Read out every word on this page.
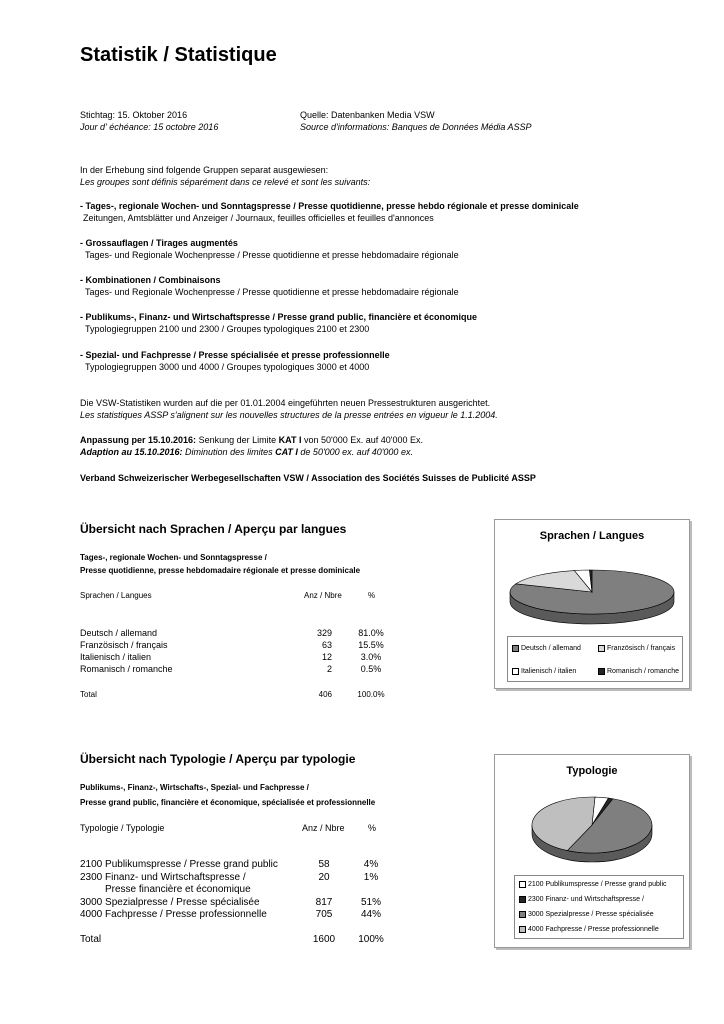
Statistik / Statistique
Stichtag: 15. Oktober 2016
Jour d' échéance: 15 octobre 2016
Quelle: Datenbanken Media VSW
Source d'informations: Banques de Données Média ASSP
In der Erhebung sind folgende Gruppen separat ausgewiesen:
Les groupes sont définis séparément dans ce relevé et sont les suivants:
- Tages-, regionale Wochen- und Sonntagspresse / Presse quotidienne, presse hebdo régionale et presse dominicale
Zeitungen, Amtsblätter und Anzeiger / Journaux, feuilles officielles et feuilles d'annonces
- Grossauflagen / Tirages augmentés
Tages- und Regionale Wochenpresse / Presse quotidienne et presse hebdomadaire régionale
- Kombinationen / Combinaisons
Tages- und Regionale Wochenpresse / Presse quotidienne et presse hebdomadaire régionale
- Publikums-, Finanz- und Wirtschaftspresse / Presse grand public, financière et économique
Typologiegruppen 2100 und 2300 / Groupes typologiques 2100 et 2300
- Spezial- und Fachpresse / Presse spécialisée et presse professionnelle
Typologiegruppen 3000 und 4000 / Groupes typologiques 3000 et 4000
Die VSW-Statistiken wurden auf die per 01.01.2004 eingeführten neuen Pressestrukturen ausgerichtet.
Les statistiques ASSP s'alignent sur les nouvelles structures de la presse entrées en vigueur le 1.1.2004.
Anpassung per 15.10.2016: Senkung der Limite KAT I von 50'000 Ex. auf 40'000 Ex.
Adaption au 15.10.2016: Diminution des limites CAT I de 50'000 ex. auf 40'000 ex.
Verband Schweizerischer Werbegesellschaften VSW / Association des Sociétés Suisses de Publicité ASSP
Übersicht nach Sprachen / Aperçu par langues
Tages-, regionale Wochen- und Sonntagspresse /
Presse quotidienne, presse hebdomadaire régionale et presse dominicale
Sprachen / Langues	Anz / Nbre	%
Deutsch / allemand	329	81.0%
Französisch / français	63	15.5%
Italienisch / italien	12	3.0%
Romanisch / romanche	2	0.5%
Total	406	100.0%
Sprachen / Langues
Deutsch / allemand	Französisch / français
Italienisch / italien	Romanisch / romanche
Übersicht nach Typologie / Aperçu par typologie
Publikums-, Finanz-, Wirtschafts-, Spezial- und Fachpresse /
Presse grand public, financière et économique, spécialisée et professionnelle
Typologie / Typologie	Anz / Nbre	%
2100 Publikumspresse / Presse grand public	58	4%
2300 Finanz- und Wirtschaftspresse /
Presse financière et économique
20	1%
3000 Spezialpresse / Presse spécialisée	817	51%
4000 Fachpresse / Presse professionnelle	705	44%
Total	1600	100%
Typologie
2100 Publikumspresse / Presse grand public
2300 Finanz- und Wirtschaftspresse /
3000 Spezialpresse / Presse spécialisée
4000 Fachpresse / Presse professionnelle
